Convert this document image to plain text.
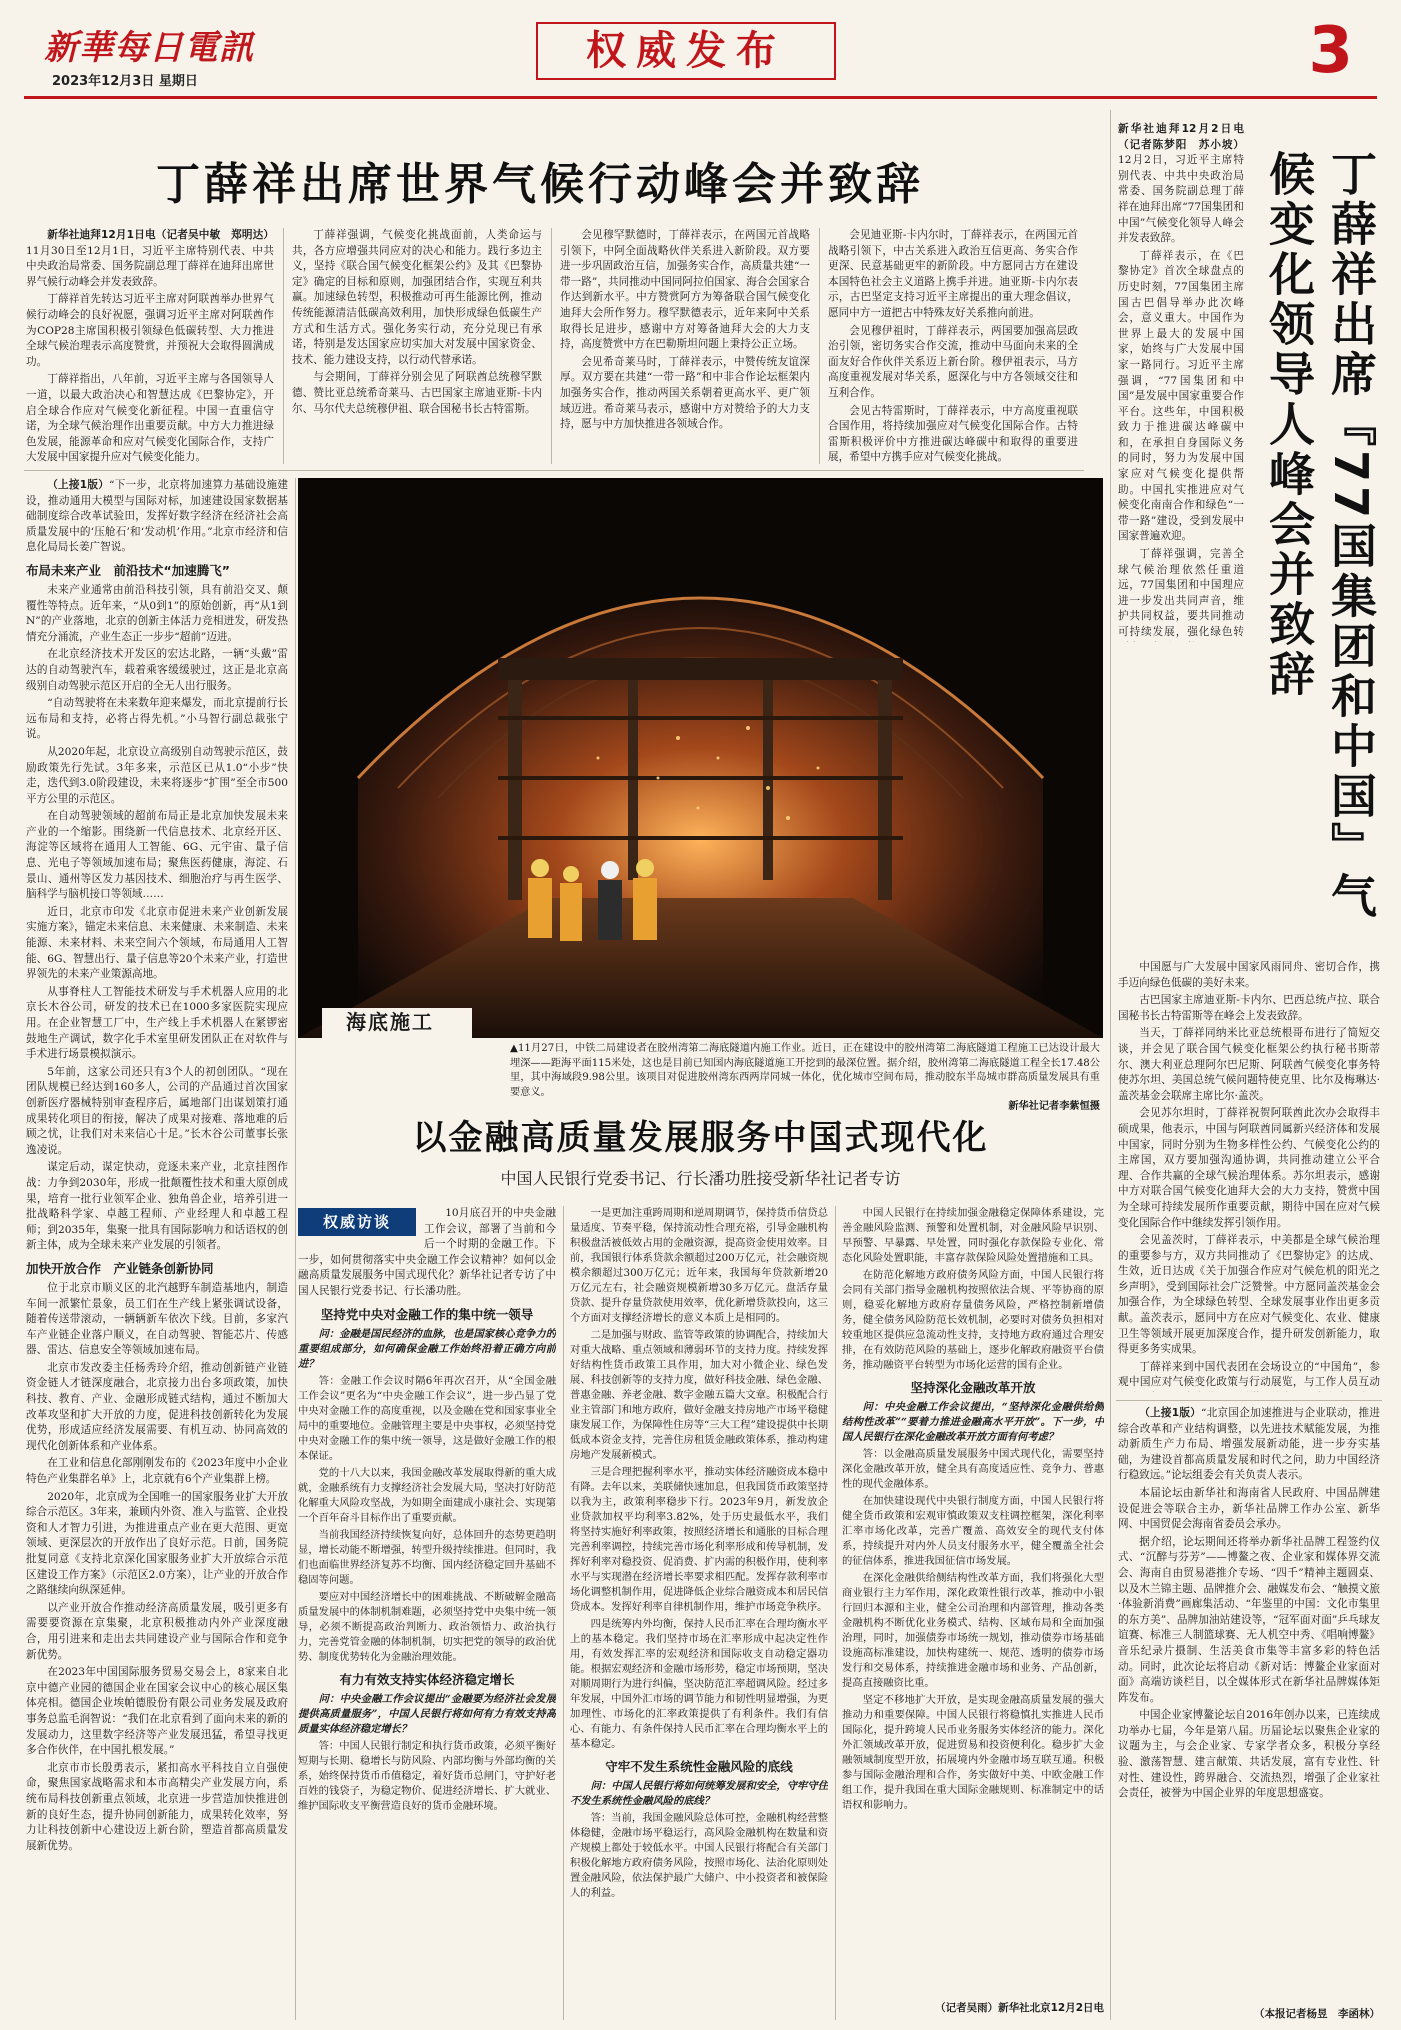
新華每日電訊
2023年12月3日 星期日
权威发布	3
丁薛祥出席世界气候行动峰会并致辞

新华社迪拜12月1日电（记者吴中敏　郑明达）11月30日至12月1日，习近平主席特别代表、中共中央政治局常委、国务院副总理丁薛祥在迪拜出席世界气候行动峰会并发表致辞。

丁薛祥首先转达习近平主席对阿联酋举办世界气候行动峰会的良好祝愿，强调习近平主席对阿联酋作为COP28主席国积极引领绿色低碳转型、大力推进全球气候治理表示高度赞赏，并预祝大会取得圆满成功。

丁薛祥指出，八年前，习近平主席与各国领导人一道，以最大政治决心和智慧达成《巴黎协定》，开启全球合作应对气候变化新征程。中国一直重信守诺，为全球气候治理作出重要贡献。中方大力推进绿色发展，能源革命和应对气候变化国际合作，支持广大发展中国家提升应对气候变化能力。

丁薛祥强调，气候变化挑战面前，人类命运与共，各方应增强共同应对的决心和能力。践行多边主义，坚持《联合国气候变化框架公约》及其《巴黎协定》确定的目标和原则，加强团结合作，实现互利共赢。加速绿色转型，积极推动可再生能源比例，推动传统能源清洁低碳高效利用，加快形成绿色低碳生产方式和生活方式。强化务实行动，充分兑现已有承诺，特别是发达国家应切实加大对发展中国家资金、技术、能力建设支持，以行动代替承诺。

与会期间，丁薛祥分别会见了阿联酋总统穆罕默德、赞比亚总统希奇莱马、古巴国家主席迪亚斯-卡内尔、马尔代夫总统穆伊祖、联合国秘书长古特雷斯。

会见穆罕默德时，丁薛祥表示，在两国元首战略引领下，中阿全面战略伙伴关系进入新阶段。双方要进一步巩固政治互信，加强务实合作，高质量共建“一带一路”，共同推动中国同阿拉伯国家、海合会国家合作达到新水平。中方赞赏阿方为筹备联合国气候变化迪拜大会所作努力。穆罕默德表示，近年来阿中关系取得长足进步，感谢中方对筹备迪拜大会的大力支持，高度赞赏中方在巴勒斯坦问题上秉持公正立场。

会见希奇莱马时，丁薛祥表示，中赞传统友谊深厚。双方要在共建“一带一路”和中非合作论坛框架内加强务实合作，推动两国关系朝着更高水平、更广领域迈进。希奇莱马表示，感谢中方对赞给予的大力支持，愿与中方加快推进各领域合作。

会见迪亚斯-卡内尔时，丁薛祥表示，在两国元首战略引领下，中古关系进入政治互信更高、务实合作更深、民意基础更牢的新阶段。中方愿同古方在建设本国特色社会主义道路上携手并进。迪亚斯-卡内尔表示，古巴坚定支持习近平主席提出的重大理念倡议，愿同中方一道把古中特殊友好关系推向前进。

会见穆伊祖时，丁薛祥表示，两国要加强高层政治引领，密切务实合作交流，推动中马面向未来的全面友好合作伙伴关系迈上新台阶。穆伊祖表示，马方高度重视发展对华关系，愿深化与中方各领域交往和互利合作。

会见古特雷斯时，丁薛祥表示，中方高度重视联合国作用，将持续加强应对气候变化国际合作。古特雷斯积极评价中方推进碳达峰碳中和取得的重要进展，希望中方携手应对气候变化挑战。

（上接1版）“下一步，北京将加速算力基础设施建设，推动通用大模型与国际对标，加速建设国家数据基础制度综合改革试验田，发挥好数字经济在经济社会高质量发展中的‘压舱石’和‘发动机’作用。”北京市经济和信息化局局长姜广智说。

布局未来产业　前沿技术“加速腾飞”

未来产业通常由前沿科技引领，具有前沿交叉、颠覆性等特点。近年来，“从0到1”的原始创新，再“从1到N”的产业落地，北京的创新主体活力竞相迸发，研发热情充分涌流，产业生态正一步步“超前”迈进。

在北京经济技术开发区的宏达北路，一辆“头戴”雷达的自动驾驶汽车，载着乘客缓缓驶过，这正是北京高级别自动驾驶示范区开启的全无人出行服务。

“自动驾驶将在未来数年迎来爆发，而北京提前行长远布局和支持，必将占得先机。”小马智行副总裁张宁说。

从2020年起，北京设立高级别自动驾驶示范区，鼓励政策先行先试。3年多来，示范区已从1.0“小步”快走，迭代到3.0阶段建设，未来将逐步“扩围”至全市500平方公里的示范区。

在自动驾驶领域的超前布局正是北京加快发展未来产业的一个缩影。围绕新一代信息技术、北京经开区、海淀等区域将在通用人工智能、6G、元宇宙、量子信息、光电子等领域加速布局；聚焦医药健康，海淀、石景山、通州等区发力基因技术、细胞治疗与再生医学、脑科学与脑机接口等领域……

近日，北京市印发《北京市促进未来产业创新发展实施方案》，锚定未来信息、未来健康、未来制造、未来能源、未来材料、未来空间六个领域，布局通用人工智能、6G、智慧出行、量子信息等20个未来产业，打造世界领先的未来产业策源高地。

从事脊柱人工智能技术研发与手术机器人应用的北京长木谷公司，研发的技术已在1000多家医院实现应用。在企业智慧工厂中，生产线上手术机器人在紧锣密鼓地生产调试，数字化手术室里研发团队正在对软件与手术进行场景模拟演示。

5年前，这家公司还只有3个人的初创团队。“现在团队规模已经达到160多人，公司的产品通过首次国家创新医疗器械特别审查程序后，属地部门出谋划策打通成果转化项目的衔接，解决了成果对接难、落地难的后顾之忧，让我们对未来信心十足。”长木谷公司董事长张逸凌说。

谋定后动，谋定快动，竞逐未来产业，北京挂图作战：力争到2030年，形成一批颠覆性技术和重大原创成果，培育一批行业领军企业、独角兽企业，培养引进一批战略科学家、卓越工程师、产业经理人和卓越工程师；到2035年，集聚一批具有国际影响力和话语权的创新主体，成为全球未来产业发展的引领者。

加快开放合作　产业链条创新协同

位于北京市顺义区的北汽越野车制造基地内，制造车间一派繁忙景象，员工们在生产线上紧张调试设备，随着传送带滚动，一辆辆新车依次下线。目前，多家汽车产业链企业落户顺义，在自动驾驶、智能芯片、传感器、雷达、信息安全等领域加速布局。

北京市发改委主任杨秀玲介绍，推动创新链产业链资金链人才链深度融合，北京接力出台多项政策，加快科技、教育、产业、金融形成链式结构，通过不断加大改革攻坚和扩大开放的力度，促进科技创新转化为发展优势，形成适应经济发展需要、有机互动、协同高效的现代化创新体系和产业体系。

在工业和信息化部刚刚发布的《2023年度中小企业特色产业集群名单》上，北京就有6个产业集群上榜。

2020年，北京成为全国唯一的国家服务业扩大开放综合示范区。3年来，兼顾内外资、准入与监管、企业投资和人才智力引进，为推进重点产业在更大范围、更宽领域、更深层次的开放作出了良好示范。日前，国务院批复同意《支持北京深化国家服务业扩大开放综合示范区建设工作方案》（示范区2.0方案），让产业的开放合作之路继续向纵深延伸。

以产业开放合作推动经济高质量发展，吸引更多有需要要资源在京集聚，北京积极推动内外产业深度融合，用引进来和走出去共同建设产业与国际合作和竞争新优势。

在2023年中国国际服务贸易交易会上，8家来自北京中德产业园的德国企业在国家会议中心的核心展区集体亮相。德国企业埃帕德股份有限公司业务发展及政府事务总监毛润智说：“我们在北京看到了面向未来的新的发展动力，这里数字经济等产业发展迅猛，希望寻找更多合作伙伴，在中国扎根发展。”

北京市市长殷勇表示，紧扣高水平科技自立自强使命，聚焦国家战略需求和本市高精尖产业发展方向，系统布局科技创新重点领域，北京进一步营造加快推进创新的良好生态，提升协同创新能力，成果转化效率，努力让科技创新中心建设迈上新台阶，塑造首都高质量发展新优势。

海底施工
▲11月27日，中铁二局建设者在胶州湾第二海底隧道内施工作业。近日，正在建设中的胶州湾第二海底隧道工程施工已达设计最大埋深——距海平面115米处，这也是目前已知国内海底隧道施工开挖到的最深位置。据介绍，胶州湾第二海底隧道工程全长17.48公里，其中海域段9.98公里。该项目对促进胶州湾东西两岸同城一体化，优化城市空间布局，推动胶东半岛城市群高质量发展具有重要意义。
新华社记者李紫恒摄
以金融高质量发展服务中国式现代化
中国人民银行党委书记、行长潘功胜接受新华社记者专访
权威访谈	10月底召开的中央金融工作会议，部署了当前和今后一个时期的金融工作。下一步，如何贯彻落实中央金融工作会议精神？如何以金融高质量发展服务中国式现代化？新华社记者专访了中国人民银行党委书记、行长潘功胜。

坚持党中央对金融工作的集中统一领导

问：金融是国民经济的血脉，也是国家核心竞争力的重要组成部分，如何确保金融工作始终沿着正确方向前进？

答：金融工作会议时隔6年再次召开，从“全国金融工作会议”更名为“中央金融工作会议”，进一步凸显了党中央对金融工作的高度重视，以及金融在党和国家事业全局中的重要地位。金融管理主要是中央事权，必须坚持党中央对金融工作的集中统一领导，这是做好金融工作的根本保证。

党的十八大以来，我国金融改革发展取得新的重大成就，金融系统有力支撑经济社会发展大局，坚决打好防范化解重大风险攻坚战，为如期全面建成小康社会、实现第一个百年奋斗目标作出了重要贡献。

当前我国经济持续恢复向好，总体回升的态势更趋明显，增长动能不断增强，转型升级持续推进。但同时，我们也面临世界经济复苏不均衡、国内经济稳定回升基础不稳固等问题。

要应对中国经济增长中的困难挑战、不断破解金融高质量发展中的体制机制难题，必须坚持党中央集中统一领导，必须不断提高政治判断力、政治领悟力、政治执行力，完善党管金融的体制机制，切实把党的领导的政治优势、制度优势转化为金融治理效能。

有力有效支持实体经济稳定增长

问：中央金融工作会议提出“金融要为经济社会发展提供高质量服务”，中国人民银行将如何有力有效支持高质量实体经济稳定增长？

答：中国人民银行制定和执行货币政策，必须平衡好短期与长期、稳增长与防风险、内部均衡与外部均衡的关系，始终保持货币币值稳定，着好货币总闸门，守护好老百姓的钱袋子，为稳定物价、促进经济增长、扩大就业、维护国际收支平衡营造良好的货币金融环境。

一是更加注重跨周期和逆周期调节，保持货币信贷总量适度、节奏平稳，保持流动性合理充裕，引导金融机构积极盘活被低效占用的金融资源，提高资金使用效率。目前，我国银行体系贷款余额超过200万亿元，社会融资规模余额超过300万亿元；近年来，我国每年贷款新增20万亿元左右，社会融资规模新增30多万亿元。盘活存量贷款、提升存量贷款使用效率，优化新增贷款投向，这三个方面对支撑经济增长的意义本质上是相同的。

二是加强与财政、监管等政策的协调配合，持续加大对重大战略、重点领域和薄弱环节的支持力度。持续发挥好结构性货币政策工具作用，加大对小微企业、绿色发展、科技创新等的支持力度，做好科技金融、绿色金融、普惠金融、养老金融、数字金融五篇大文章。积极配合行业主管部门和地方政府，做好金融支持房地产市场平稳健康发展工作，为保障性住房等“三大工程”建设提供中长期低成本资金支持，完善住房租赁金融政策体系，推动构建房地产发展新模式。

三是合理把握利率水平，推动实体经济融资成本稳中有降。去年以来，美联储快速加息，但我国货币政策坚持以我为主，政策利率稳步下行。2023年9月，新发放企业贷款加权平均利率3.82%，处于历史最低水平，我们将坚持实施好利率政策，按照经济增长和通胀的目标合理完善利率调控，持续完善市场化利率形成和传导机制，发挥好利率对稳投资、促消费、扩内需的积极作用，使利率水平与实现潜在经济增长率要求相匹配。发挥存款利率市场化调整机制作用，促进降低企业综合融资成本和居民信贷成本。发挥好利率自律机制作用，维护市场竞争秩序。

四是统筹内外均衡，保持人民币汇率在合理均衡水平上的基本稳定。我们坚持市场在汇率形成中起决定性作用，有效发挥汇率的宏观经济和国际收支自动稳定器功能。根据宏观经济和金融市场形势，稳定市场预期，坚决对顺周期行为进行纠偏，坚决防范汇率超调风险。经过多年发展，中国外汇市场的调节能力和韧性明显增强，为更加理性、市场化的汇率政策提供了有利条件。我们有信心、有能力、有条件保持人民币汇率在合理均衡水平上的基本稳定。

守牢不发生系统性金融风险的底线

问：中国人民银行将如何统筹发展和安全，守牢守住不发生系统性金融风险的底线？

答：当前，我国金融风险总体可控，金融机构经营整体稳健，金融市场平稳运行，高风险金融机构在数量和资产规模上都处于较低水平。中国人民银行将配合有关部门积极化解地方政府债务风险，按照市场化、法治化原则处置金融风险，依法保护最广大储户、中小投资者和被保险人的利益。

中国人民银行在持续加强金融稳定保障体系建设，完善金融风险监测、预警和处置机制，对金融风险早识别、早预警、早暴露、早处置，同时强化存款保险专业化、常态化风险处置职能，丰富存款保险风险处置措施和工具。

在防范化解地方政府债务风险方面，中国人民银行将会同有关部门指导金融机构按照依法合规、平等协商的原则，稳妥化解地方政府存量债务风险，严格控制新增债务，健全债务风险防范长效机制，必要时对债务负担相对较重地区提供应急流动性支持，支持地方政府通过合理安排，在有效防范风险的基础上，逐步化解政府融资平台债务，推动融资平台转型为市场化运营的国有企业。

坚持深化金融改革开放

问：中央金融工作会议提出，“坚持深化金融供给侧结构性改革”“要着力推进金融高水平开放”。下一步，中国人民银行在深化金融改革开放方面有何考虑？

答：以金融高质量发展服务中国式现代化，需要坚持深化金融改革开放，健全具有高度适应性、竞争力、普惠性的现代金融体系。

在加快建设现代中央银行制度方面，中国人民银行将健全货币政策和宏观审慎政策双支柱调控框架，深化利率汇率市场化改革，完善广覆盖、高效安全的现代支付体系，持续提升对内外人员支付服务水平，健全覆盖全社会的征信体系，推进我国征信市场发展。

在深化金融供给侧结构性改革方面，我们将强化大型商业银行主力军作用，深化政策性银行改革，推动中小银行回归本源和主业，健全公司治理和内部管理，推动各类金融机构不断优化业务模式、结构、区域布局和全面加强治理，同时，加强债券市场统一规划，推动债券市场基础设施高标准建设，加快构建统一、规范、透明的债券市场发行和交易体系，持续推进金融市场和业务、产品创新，提高直接融资比重。

坚定不移地扩大开放，是实现金融高质量发展的强大推动力和重要保障。中国人民银行将稳慎扎实推进人民币国际化，提升跨境人民币业务服务实体经济的能力。深化外汇领域改革开放，促进贸易和投资便利化。稳步扩大金融领域制度型开放，拓展境内外金融市场互联互通。积极参与国际金融治理和合作，务实做好中美、中欧金融工作组工作，提升我国在重大国际金融规则、标准制定中的话语权和影响力。

（记者吴雨）新华社北京12月2日电

新华社迪拜12月2日电（记者陈梦阳　苏小坡）12月2日，习近平主席特别代表、中共中央政治局常委、国务院副总理丁薛祥在迪拜出席“77国集团和中国”气候变化领导人峰会并发表致辞。

丁薛祥表示，在《巴黎协定》首次全球盘点的历史时刻，77国集团主席国古巴倡导举办此次峰会，意义重大。中国作为世界上最大的发展中国家，始终与广大发展中国家一路同行。习近平主席强调，“77国集团和中国”是发展中国家重要合作平台。这些年，中国积极致力于推进碳达峰碳中和，在承担自身国际义务的同时，努力为发展中国家应对气候变化提供帮助。中国扎实推进应对气候变化南南合作和绿色“一带一路”建设，受到发展中国家普遍欢迎。

丁薛祥强调，完善全球气候治理依然任重道远，77国集团和中国理应进一步发出共同声音，维护共同权益，要共同推动可持续发展，强化绿色转	丁薛祥出席『77国集团和中国』气候变化领导人峰会并致辞

中国愿与广大发展中国家风雨同舟、密切合作，携手迈向绿色低碳的美好未来。

古巴国家主席迪亚斯-卡内尔、巴西总统卢拉、联合国秘书长古特雷斯等在峰会上发表致辞。

当天，丁薛祥同纳米比亚总统根哥布进行了简短交谈，并会见了联合国气候变化框架公约执行秘书斯蒂尔、澳大利亚总理阿尔巴尼斯、阿联酋气候变化事务特使苏尔坦、美国总统气候问题特使克里、比尔及梅琳达·盖茨基金会联席主席比尔·盖茨。

会见苏尔坦时，丁薛祥祝贺阿联酋此次办会取得丰硕成果，他表示，中国与阿联酋同属新兴经济体和发展中国家，同时分别为生物多样性公约、气候变化公约的主席国，双方要加强沟通协调，共同推动建立公平合理、合作共赢的全球气候治理体系。苏尔坦表示，感谢中方对联合国气候变化迪拜大会的大力支持，赞赏中国为全球可持续发展所作重要贡献，期待中国在应对气候变化国际合作中继续发挥引领作用。

会见盖茨时，丁薛祥表示，中美都是全球气候治理的重要参与方，双方共同推动了《巴黎协定》的达成、生效，近日达成《关于加强合作应对气候危机的阳光之乡声明》，受到国际社会广泛赞誉。中方愿同盖茨基金会加强合作，为全球绿色转型、全球发展事业作出更多贡献。盖茨表示，愿同中方在应对气候变化、农业、健康卫生等领域开展更加深度合作，提升研发创新能力，取得更多务实成果。

丁薛祥来到中国代表团在会场设立的“中国角”，参观中国应对气候变化政策与行动展览，与工作人员互动

（上接1版）“北京国企加速推进与企业联动，推进综合改革和产业结构调整，以先进技术赋能发展，为推动新质生产力布局、增强发展新动能，进一步夯实基础，为建设首都高质量发展和时代之问，助力中国经济行稳致远。”论坛组委会有关负责人表示。

本届论坛由新华社和海南省人民政府、中国品牌建设促进会等联合主办，新华社品牌工作办公室、新华网、中国贸促会海南省委员会承办。

据介绍，论坛期间还将举办新华社品牌工程签约仪式、“沉醉与芬芳”——博鳌之夜、企业家和媒体界交流会、海南自由贸易港推介专场、“四千”精神主题圆桌、以及木兰锦主题、品牌推介会、融媒发布会、“触摸文旅·体验新消费”画廊集活动、“年鉴里的中国：文化市集里的东方美”、品牌加油站建设等，“冠军面对面”乒乓球友谊赛、标准三人制篮球赛、无人机空中秀、《唱响博鳌》音乐纪录片摄制、生活美食市集等丰富多彩的特色活动。同时，此次论坛将启动《新对话：博鳌企业家面对面》高端访谈栏目，以全媒体形式在新华社品牌媒体矩阵发布。

中国企业家博鳌论坛自2016年创办以来，已连续成功举办七届，今年是第八届。历届论坛以聚焦企业家的议题为主，与会企业家、专家学者众多，积极分享经验、激荡智慧、建言献策、共话发展，富有专业性、针对性、建设性，跨界融合、交流热烈，增强了企业家社会责任，被誉为中国企业界的年度思想盛宴。

（本报记者杨昱　李函林）
